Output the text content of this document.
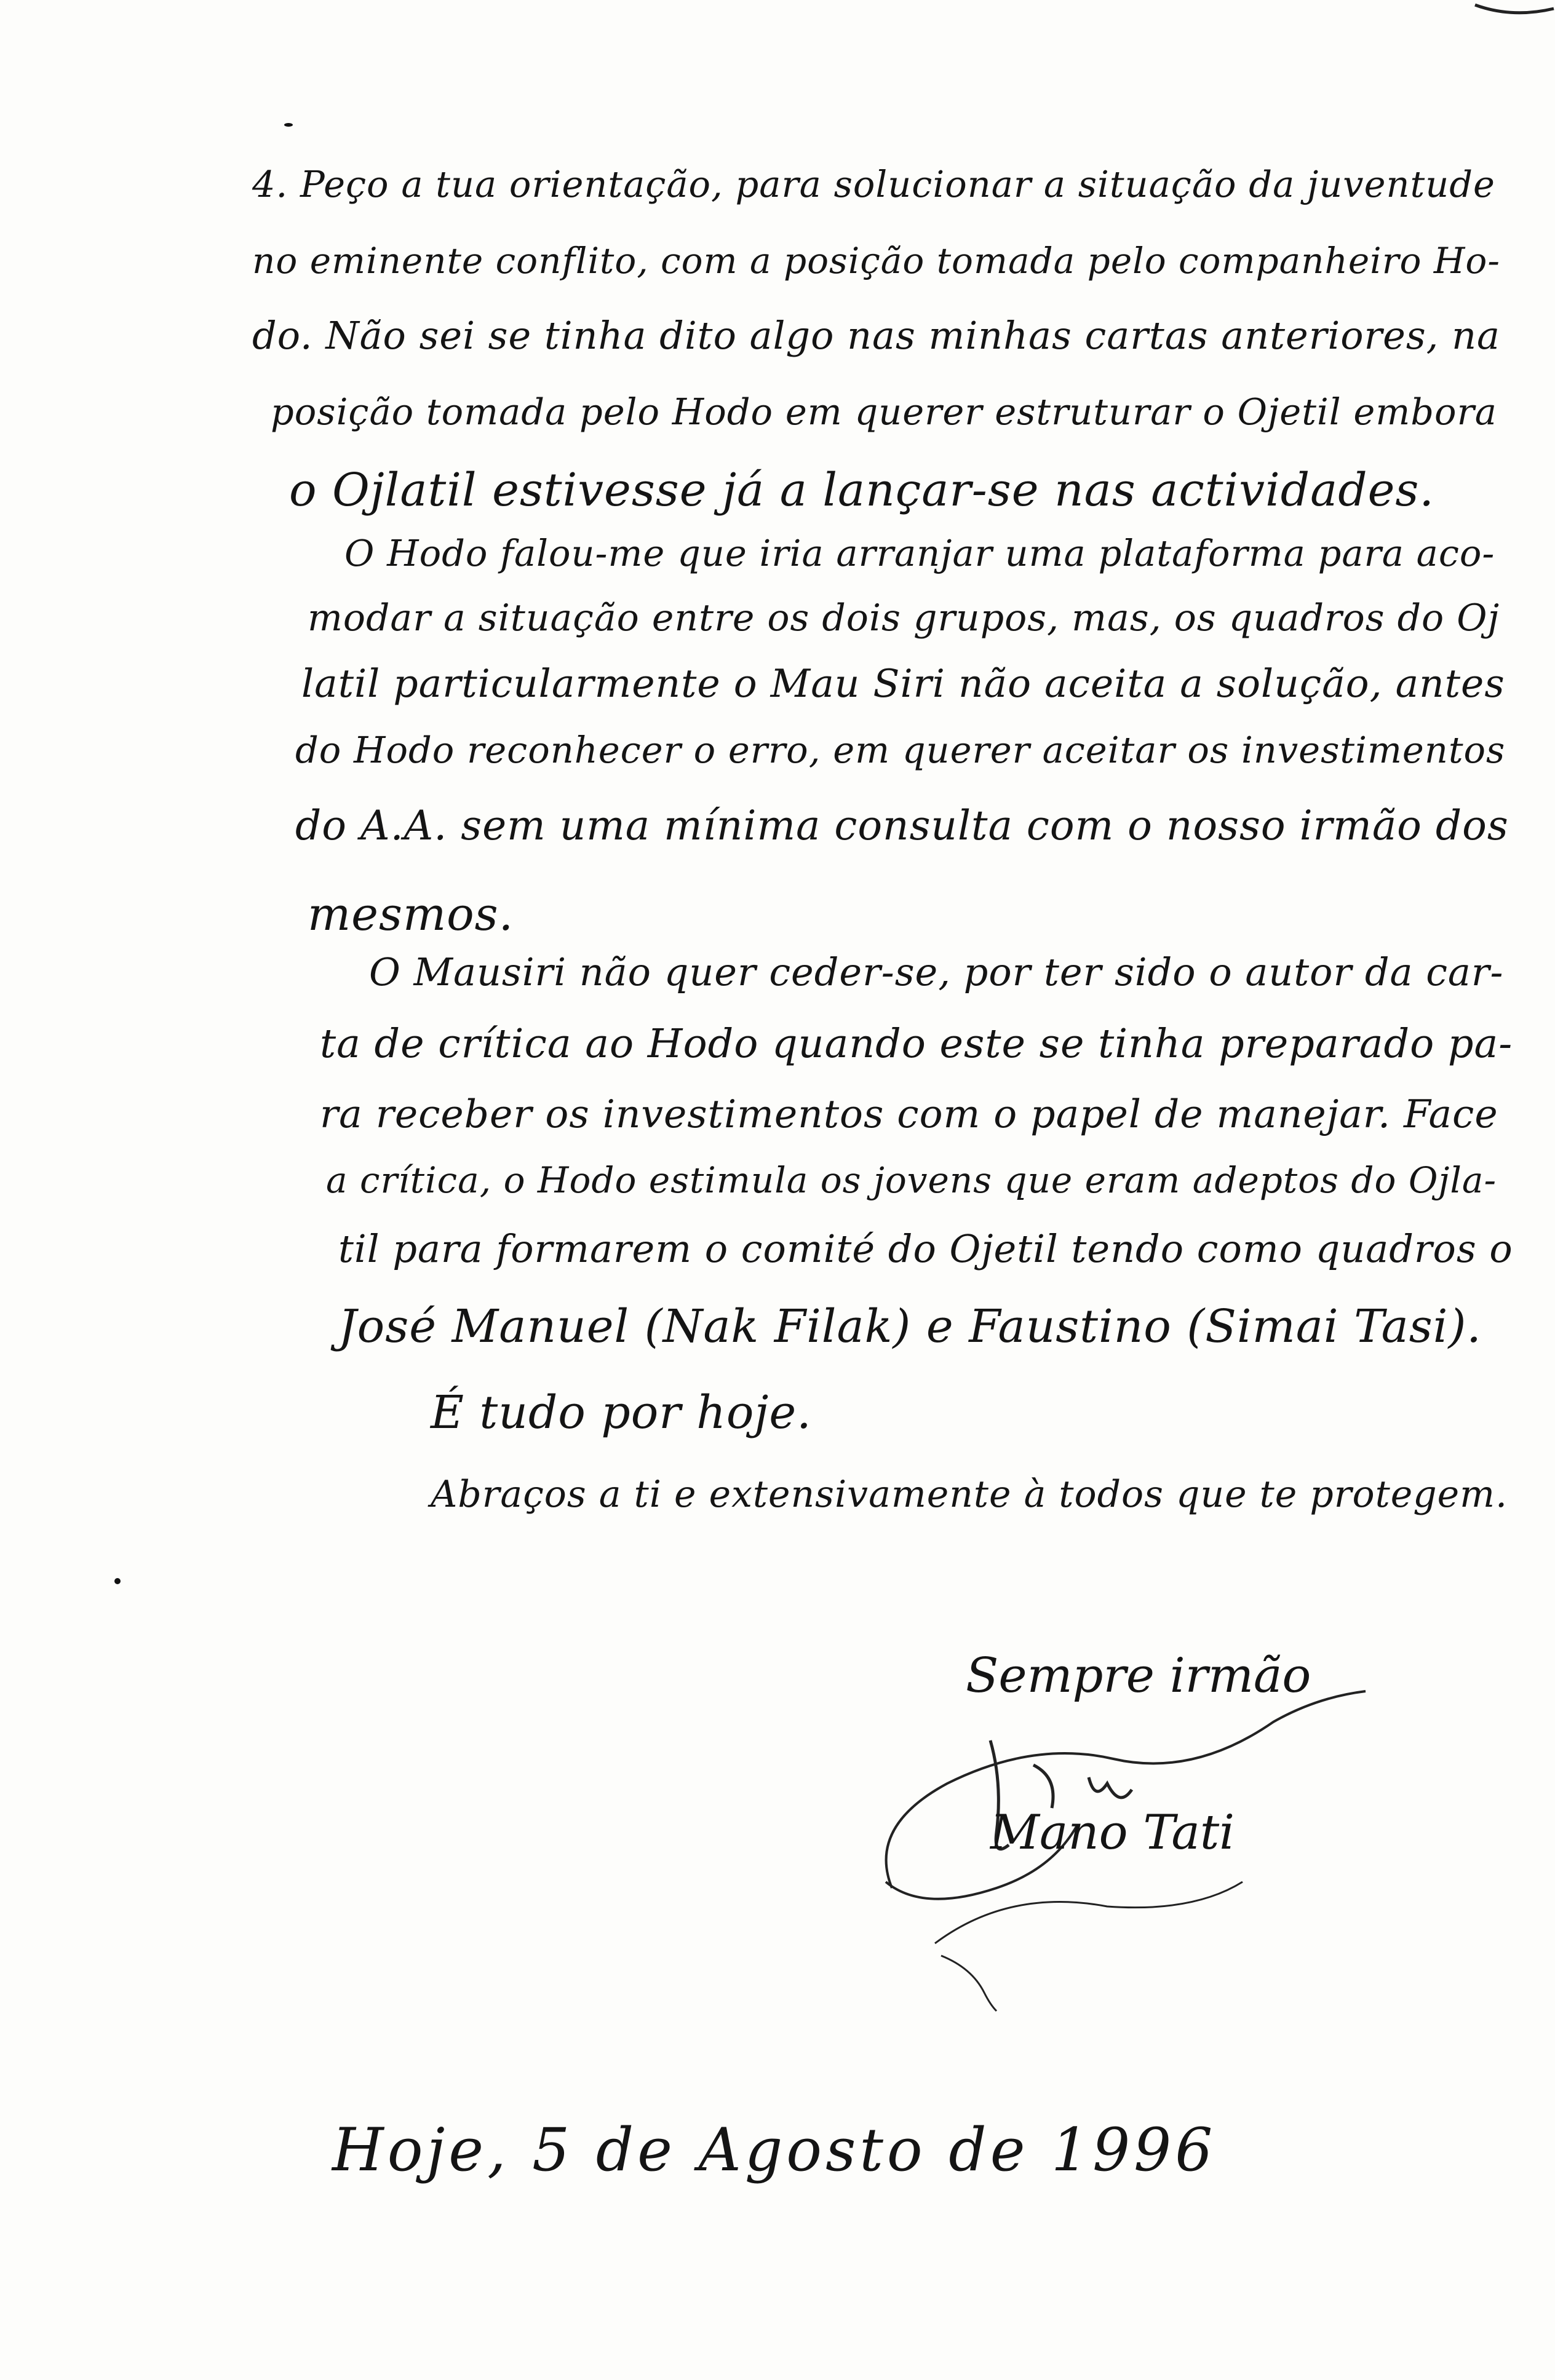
4. Peço a tua orientação, para solucionar a situação da juventude
no eminente conflito, com a posição tomada pelo companheiro Ho-
do. Não sei se tinha dito algo nas minhas cartas anteriores, na
posição tomada pelo Hodo em querer estruturar o Ojetil embora
o Ojlatil estivesse já a lançar-se nas actividades.
O Hodo falou-me que iria arranjar uma plataforma para aco-
modar a situação entre os dois grupos, mas, os quadros do Oj
latil particularmente o Mau Siri não aceita a solução, antes
do Hodo reconhecer o erro, em querer aceitar os investimentos
do A.A. sem uma mínima consulta com o nosso irmão dos
mesmos.
O Mausiri não quer ceder-se, por ter sido o autor da car-
ta de crítica ao Hodo quando este se tinha preparado pa-
ra receber os investimentos com o papel de manejar. Face
a crítica, o Hodo estimula os jovens que eram adeptos do Ojla-
til para formarem o comité do Ojetil tendo como quadros o
José Manuel (Nak Filak) e Faustino (Simai Tasi).
É tudo por hoje.
Abraços a ti e extensivamente à todos que te protegem.
Sempre irmão
Mano Tati
Hoje, 5 de Agosto de 1996
